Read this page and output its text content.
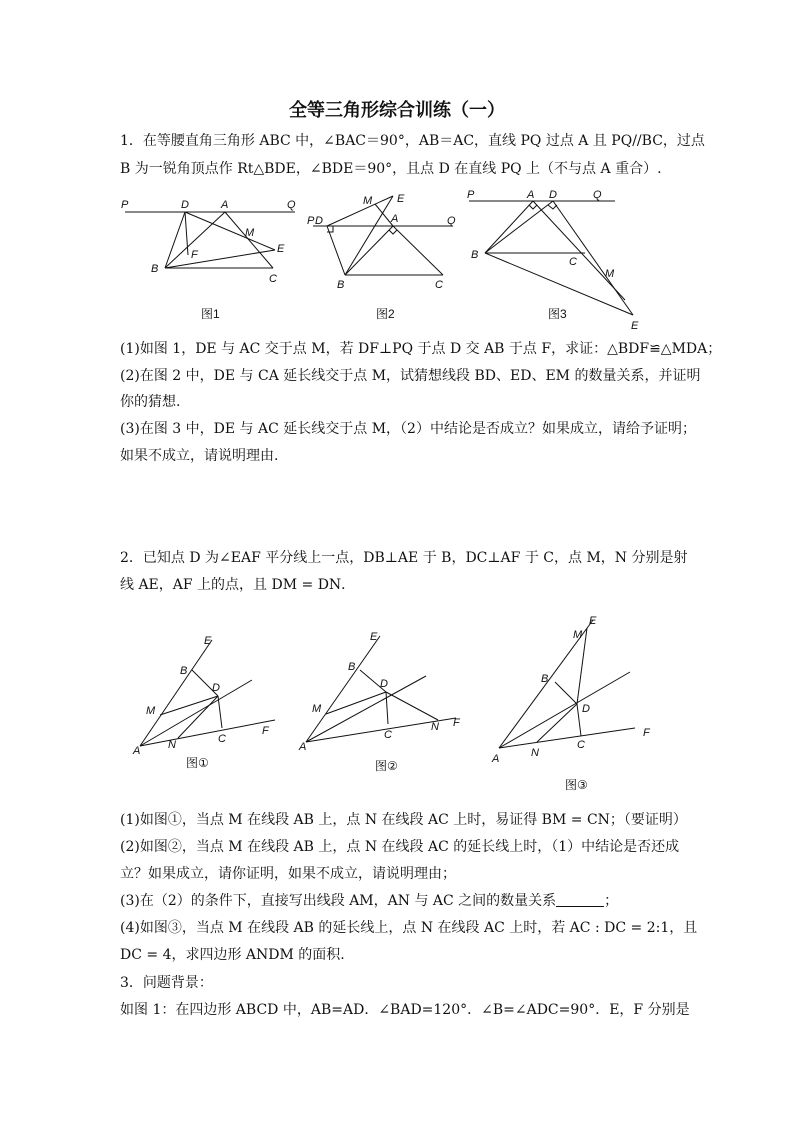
全等三角形综合训练（一）
1．在等腰直角三角形 ABC 中，∠BAC＝90°，AB＝AC，直线 PQ 过点 A 且 PQ//BC，过点
B 为一锐角顶点作 Rt△BDE，∠BDE＝90°，且点 D 在直线 PQ 上（不与点 A 重合）.
P	Q
D	A
M
E
F
B
C
图1
P	Q
D	A
M E
B	C
图2
P	Q
A D
B
C
M
E
图3
(1)如图 1，DE 与 AC 交于点 M，若 DF⊥PQ 于点 D 交 AB 于点 F，求证：△BDF≌△MDA；
(2)在图 2 中，DE 与 CA 延长线交于点 M，试猜想线段 BD、ED、EM 的数量关系，并证明
你的猜想.
(3)在图 3 中，DE 与 AC 延长线交于点 M，（2）中结论是否成立？如果成立，请给予证明；
如果不成立，请说明理由.
2．已知点 D 为∠EAF 平分线上一点，DB⊥AE 于 B，DC⊥AF 于 C，点 M，N 分别是射
线 AE，AF 上的点，且 DM = DN．
E
B
D
M
A	N	C
F
图①
E
B
D
M
A
C
N F
图②
E
M
B
D
A	N
C
F
图③
(1)如图①，当点 M 在线段 AB 上，点 N 在线段 AC 上时，易证得 BM = CN；（要证明）
(2)如图②，当点 M 在线段 AB 上，点 N 在线段 AC 的延长线上时，（1）中结论是否还成
立？如果成立，请你证明，如果不成立，请说明理由；
(3)在（2）的条件下，直接写出线段 AM，AN 与 AC 之间的数量关系	；
(4)如图③，当点 M 在线段 AB 的延长线上，点 N 在线段 AC 上时，若 AC : DC = 2:1，且
DC = 4，求四边形 ANDM 的面积.
3．问题背景：
如图 1：在四边形 ABCD 中，AB=AD．∠BAD=120°．∠B=∠ADC=90°．E，F 分别是
